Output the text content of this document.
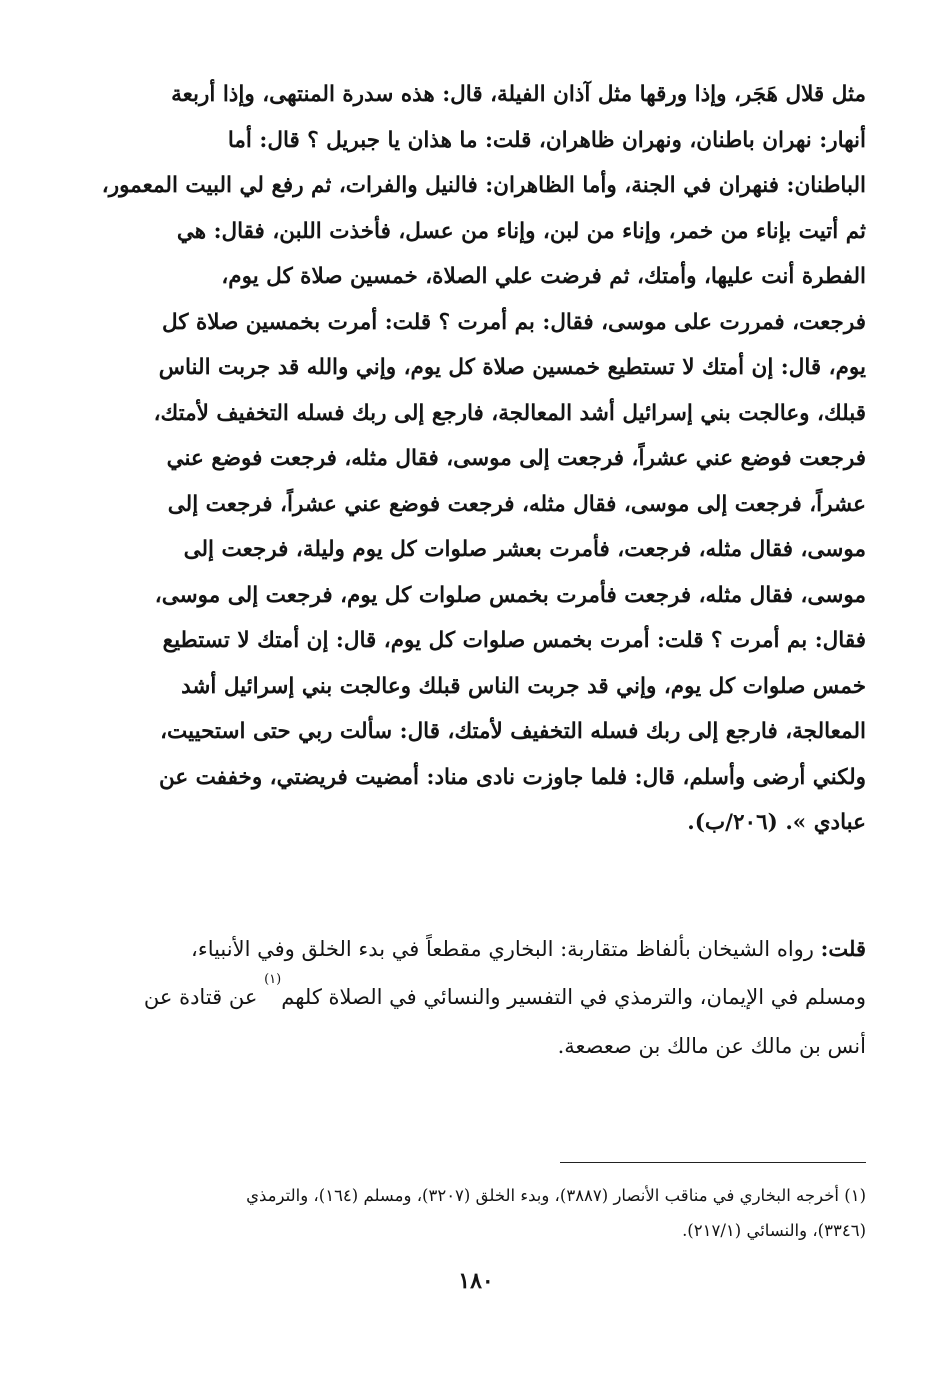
مثل قلال هَجَر، وإذا ورقها مثل آذان الفيلة، قال: هذه سدرة المنتهى، وإذا أربعة
أنهار: نهران باطنان، ونهران ظاهران، قلت: ما هذان يا جبريل ؟ قال: أما
الباطنان: فنهران في الجنة، وأما الظاهران: فالنيل والفرات، ثم رفع لي البيت المعمور،
ثم أتيت بإناء من خمر، وإناء من لبن، وإناء من عسل، فأخذت اللبن، فقال: هي
الفطرة أنت عليها، وأمتك، ثم فرضت علي الصلاة، خمسين صلاة كل يوم،
فرجعت، فمررت على موسى، فقال: بم أمرت ؟ قلت: أمرت بخمسين صلاة كل
يوم، قال: إن أمتك لا تستطيع خمسين صلاة كل يوم، وإني والله قد جربت الناس
قبلك، وعالجت بني إسرائيل أشد المعالجة، فارجع إلى ربك فسله التخفيف لأمتك،
فرجعت فوضع عني عشراً، فرجعت إلى موسى، فقال مثله، فرجعت فوضع عني
عشراً، فرجعت إلى موسى، فقال مثله، فرجعت فوضع عني عشراً، فرجعت إلى
موسى، فقال مثله، فرجعت، فأمرت بعشر صلوات كل يوم وليلة، فرجعت إلى
موسى، فقال مثله، فرجعت فأمرت بخمس صلوات كل يوم، فرجعت إلى موسى،
فقال: بم أمرت ؟ قلت: أمرت بخمس صلوات كل يوم، قال: إن أمتك لا تستطيع
خمس صلوات كل يوم، وإني قد جربت الناس قبلك وعالجت بني إسرائيل أشد
المعالجة، فارجع إلى ربك فسله التخفيف لأمتك، قال: سألت ربي حتى استحييت،
ولكني أرضى وأسلم، قال: فلما جاوزت نادى مناد: أمضيت فريضتي، وخففت عن
عبادي ». (٢٠٦/ب).
قلت: رواه الشيخان بألفاظ متقاربة: البخاري مقطعاً في بدء الخلق وفي الأنبياء،
ومسلم في الإيمان، والترمذي في التفسير والنسائي في الصلاة كلهم$^{(١)}$ عن قتادة عن
أنس بن مالك عن مالك بن صعصعة.
(١) أخرجه البخاري في مناقب الأنصار (٣٨٨٧)، وبدء الخلق (٣٢٠٧)، ومسلم (١٦٤)، والترمذي
(٣٣٤٦)، والنسائي (٢١٧/١).
١٨٠
